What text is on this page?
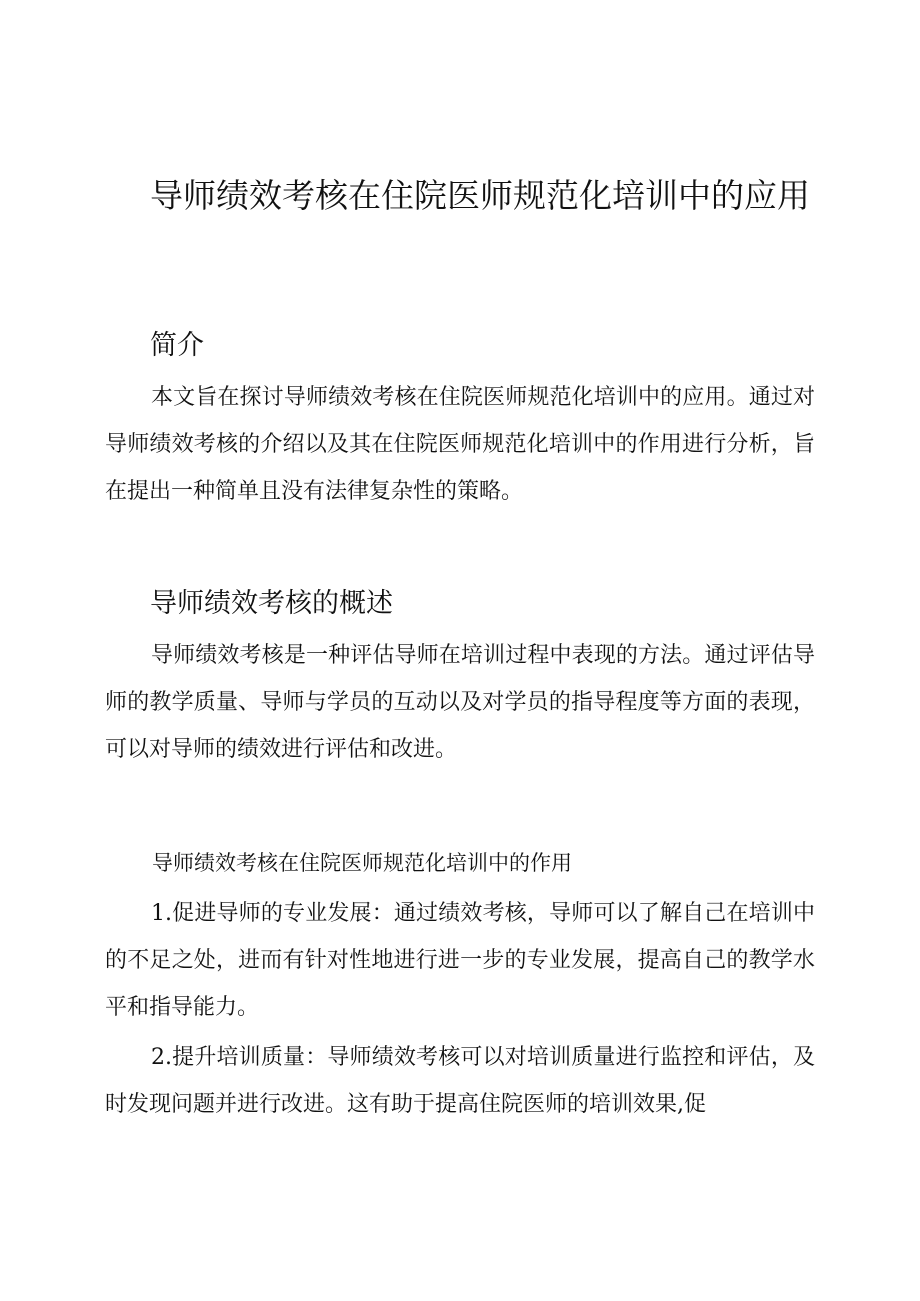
导师绩效考核在住院医师规范化培训中的应用
简介

本文旨在探讨导师绩效考核在住院医师规范化培训中的应用。通过对导师绩效考核的介绍以及其在住院医师规范化培训中的作用进行分析，旨在提出一种简单且没有法律复杂性的策略。

导师绩效考核的概述

导师绩效考核是一种评估导师在培训过程中表现的方法。通过评估导师的教学质量、导师与学员的互动以及对学员的指导程度等方面的表现，可以对导师的绩效进行评估和改进。

导师绩效考核在住院医师规范化培训中的作用

1.促进导师的专业发展：通过绩效考核，导师可以了解自己在培训中的不足之处，进而有针对性地进行进一步的专业发展，提高自己的教学水平和指导能力。

2.提升培训质量：导师绩效考核可以对培训质量进行监控和评估，及时发现问题并进行改进。这有助于提高住院医师的培训效果,促
